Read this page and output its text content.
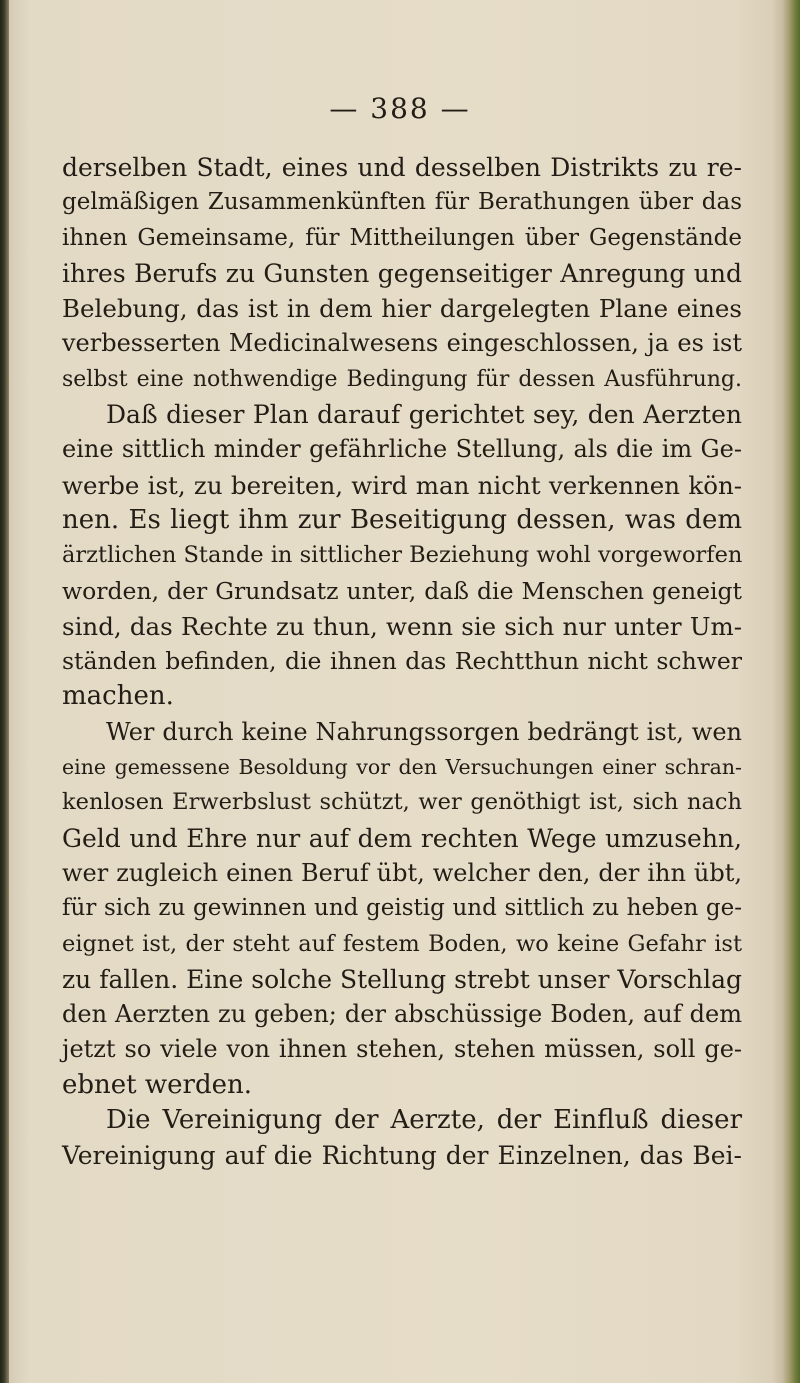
— 388 —
derselben Stadt, eines und desselben Distrikts zu re-
gelmäßigen Zusammenkünften für Berathungen über das
ihnen Gemeinsame, für Mittheilungen über Gegenstände
ihres Berufs zu Gunsten gegenseitiger Anregung und
Belebung, das ist in dem hier dargelegten Plane eines
verbesserten Medicinalwesens eingeschlossen, ja es ist
selbst eine nothwendige Bedingung für dessen Ausführung.
Daß dieser Plan darauf gerichtet sey, den Aerzten
eine sittlich minder gefährliche Stellung, als die im Ge-
werbe ist, zu bereiten, wird man nicht verkennen kön-
nen. Es liegt ihm zur Beseitigung dessen, was dem
ärztlichen Stande in sittlicher Beziehung wohl vorgeworfen
worden, der Grundsatz unter, daß die Menschen geneigt
sind, das Rechte zu thun, wenn sie sich nur unter Um-
ständen befinden, die ihnen das Rechtthun nicht schwer
machen.
Wer durch keine Nahrungssorgen bedrängt ist, wen
eine gemessene Besoldung vor den Versuchungen einer schran-
kenlosen Erwerbslust schützt, wer genöthigt ist, sich nach
Geld und Ehre nur auf dem rechten Wege umzusehn,
wer zugleich einen Beruf übt, welcher den, der ihn übt,
für sich zu gewinnen und geistig und sittlich zu heben ge-
eignet ist, der steht auf festem Boden, wo keine Gefahr ist
zu fallen. Eine solche Stellung strebt unser Vorschlag
den Aerzten zu geben; der abschüssige Boden, auf dem
jetzt so viele von ihnen stehen, stehen müssen, soll ge-
ebnet werden.
Die Vereinigung der Aerzte, der Einfluß dieser
Vereinigung auf die Richtung der Einzelnen, das Bei-
